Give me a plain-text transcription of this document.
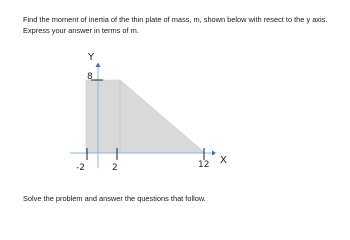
Find the moment of inertia of the thin plate of mass, m, shown below with resect to the y axis. Express your answer in terms of m.

Y
8
-2	2	12 X

Solve the problem and answer the questions that follow.
